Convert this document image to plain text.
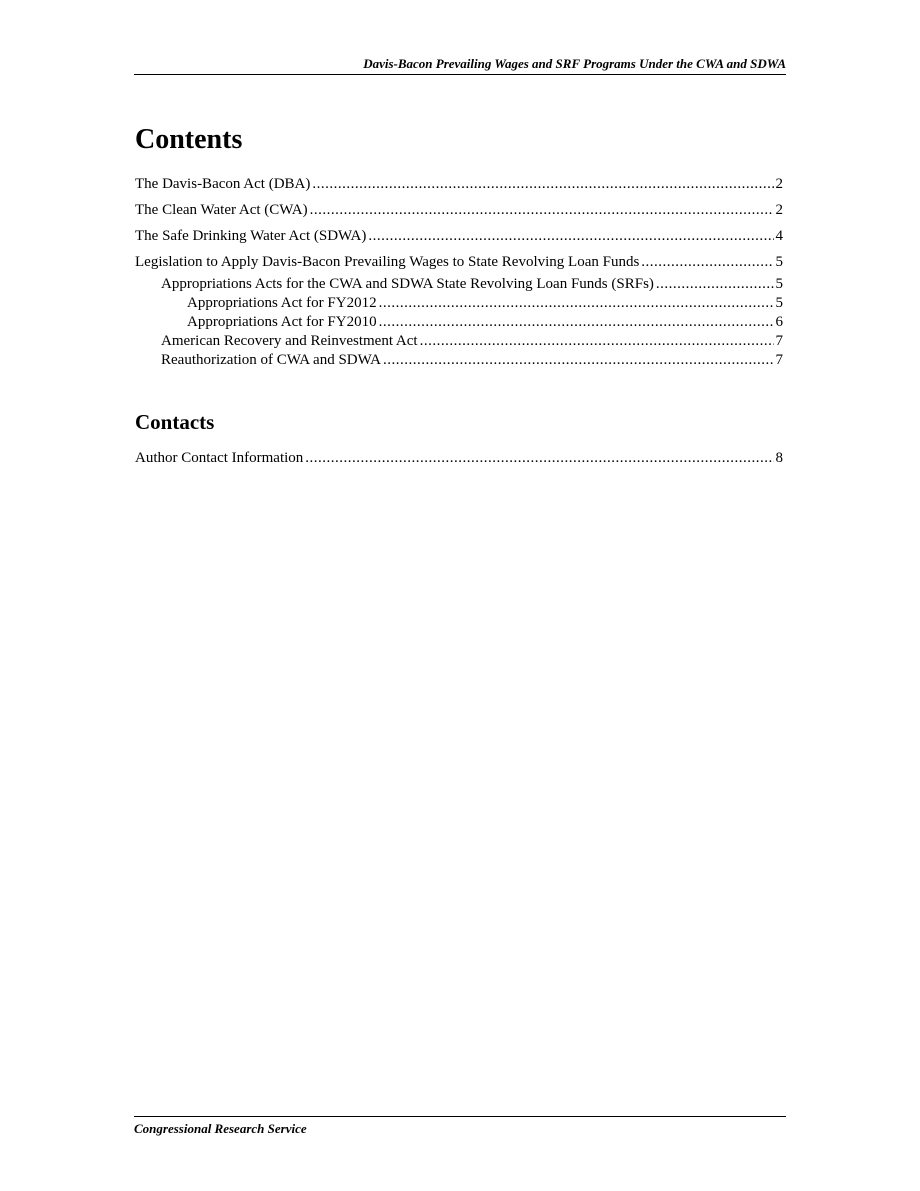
Davis-Bacon Prevailing Wages and SRF Programs Under the CWA and SDWA
Contents
The Davis-Bacon Act (DBA) .....	2
The Clean Water Act (CWA) .....	2
The Safe Drinking Water Act (SDWA) .....	4
Legislation to Apply Davis-Bacon Prevailing Wages to State Revolving Loan Funds .....	5
Appropriations Acts for the CWA and SDWA State Revolving Loan Funds (SRFs) .....	5
Appropriations Act for FY2012 .....	5
Appropriations Act for FY2010 .....	6
American Recovery and Reinvestment Act .....	7
Reauthorization of CWA and SDWA .....	7
Contacts
Author Contact Information .....	8
Congressional Research Service
